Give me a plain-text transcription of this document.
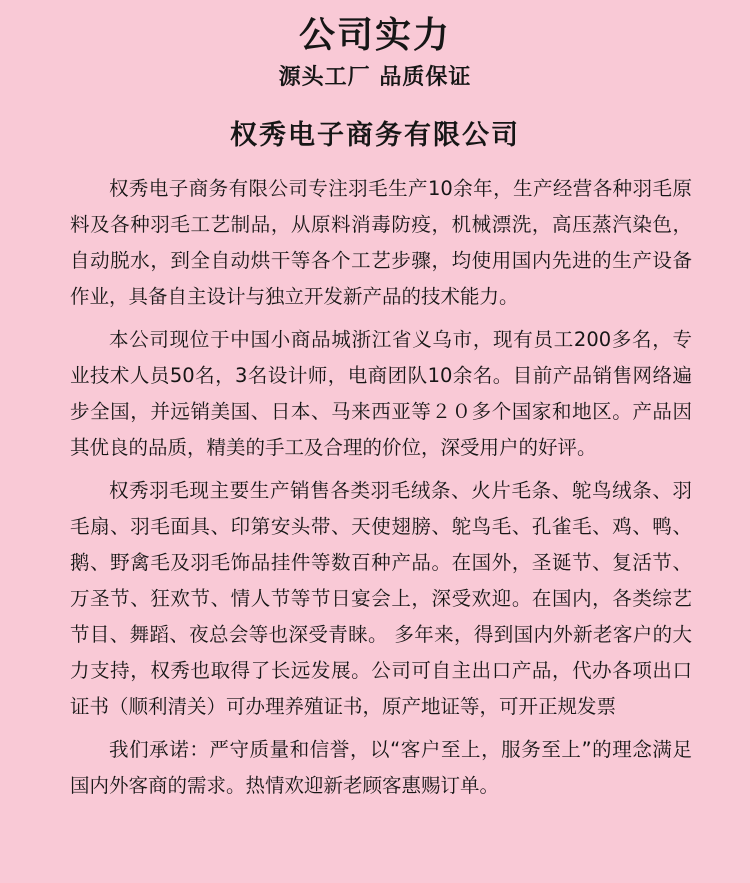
公司实力
源头工厂 品质保证
权秀电子商务有限公司

权秀电子商务有限公司专注羽毛生产10余年，生产经营各种羽毛原料及各种羽毛工艺制品，从原料消毒防疫，机械漂洗，高压蒸汽染色，自动脱水，到全自动烘干等各个工艺步骤，均使用国内先进的生产设备作业，具备自主设计与独立开发新产品的技术能力。

本公司现位于中国小商品城浙江省义乌市，现有员工200多名，专业技术人员50名，3名设计师，电商团队10余名。目前产品销售网络遍步全国，并远销美国、日本、马来西亚等２０多个国家和地区。产品因其优良的品质，精美的手工及合理的价位，深受用户的好评。

权秀羽毛现主要生产销售各类羽毛绒条、火片毛条、鸵鸟绒条、羽毛扇、羽毛面具、印第安头带、天使翅膀、鸵鸟毛、孔雀毛、鸡、鸭、鹅、野禽毛及羽毛饰品挂件等数百种产品。在国外，圣诞节、复活节、万圣节、狂欢节、情人节等节日宴会上，深受欢迎。在国内，各类综艺节目、舞蹈、夜总会等也深受青睐。 多年来，得到国内外新老客户的大力支持，权秀也取得了长远发展。公司可自主出口产品，代办各项出口证书（顺利清关）可办理养殖证书，原产地证等，可开正规发票

我们承诺：严守质量和信誉，以“客户至上，服务至上”的理念满足国内外客商的需求。热情欢迎新老顾客惠赐订单。
